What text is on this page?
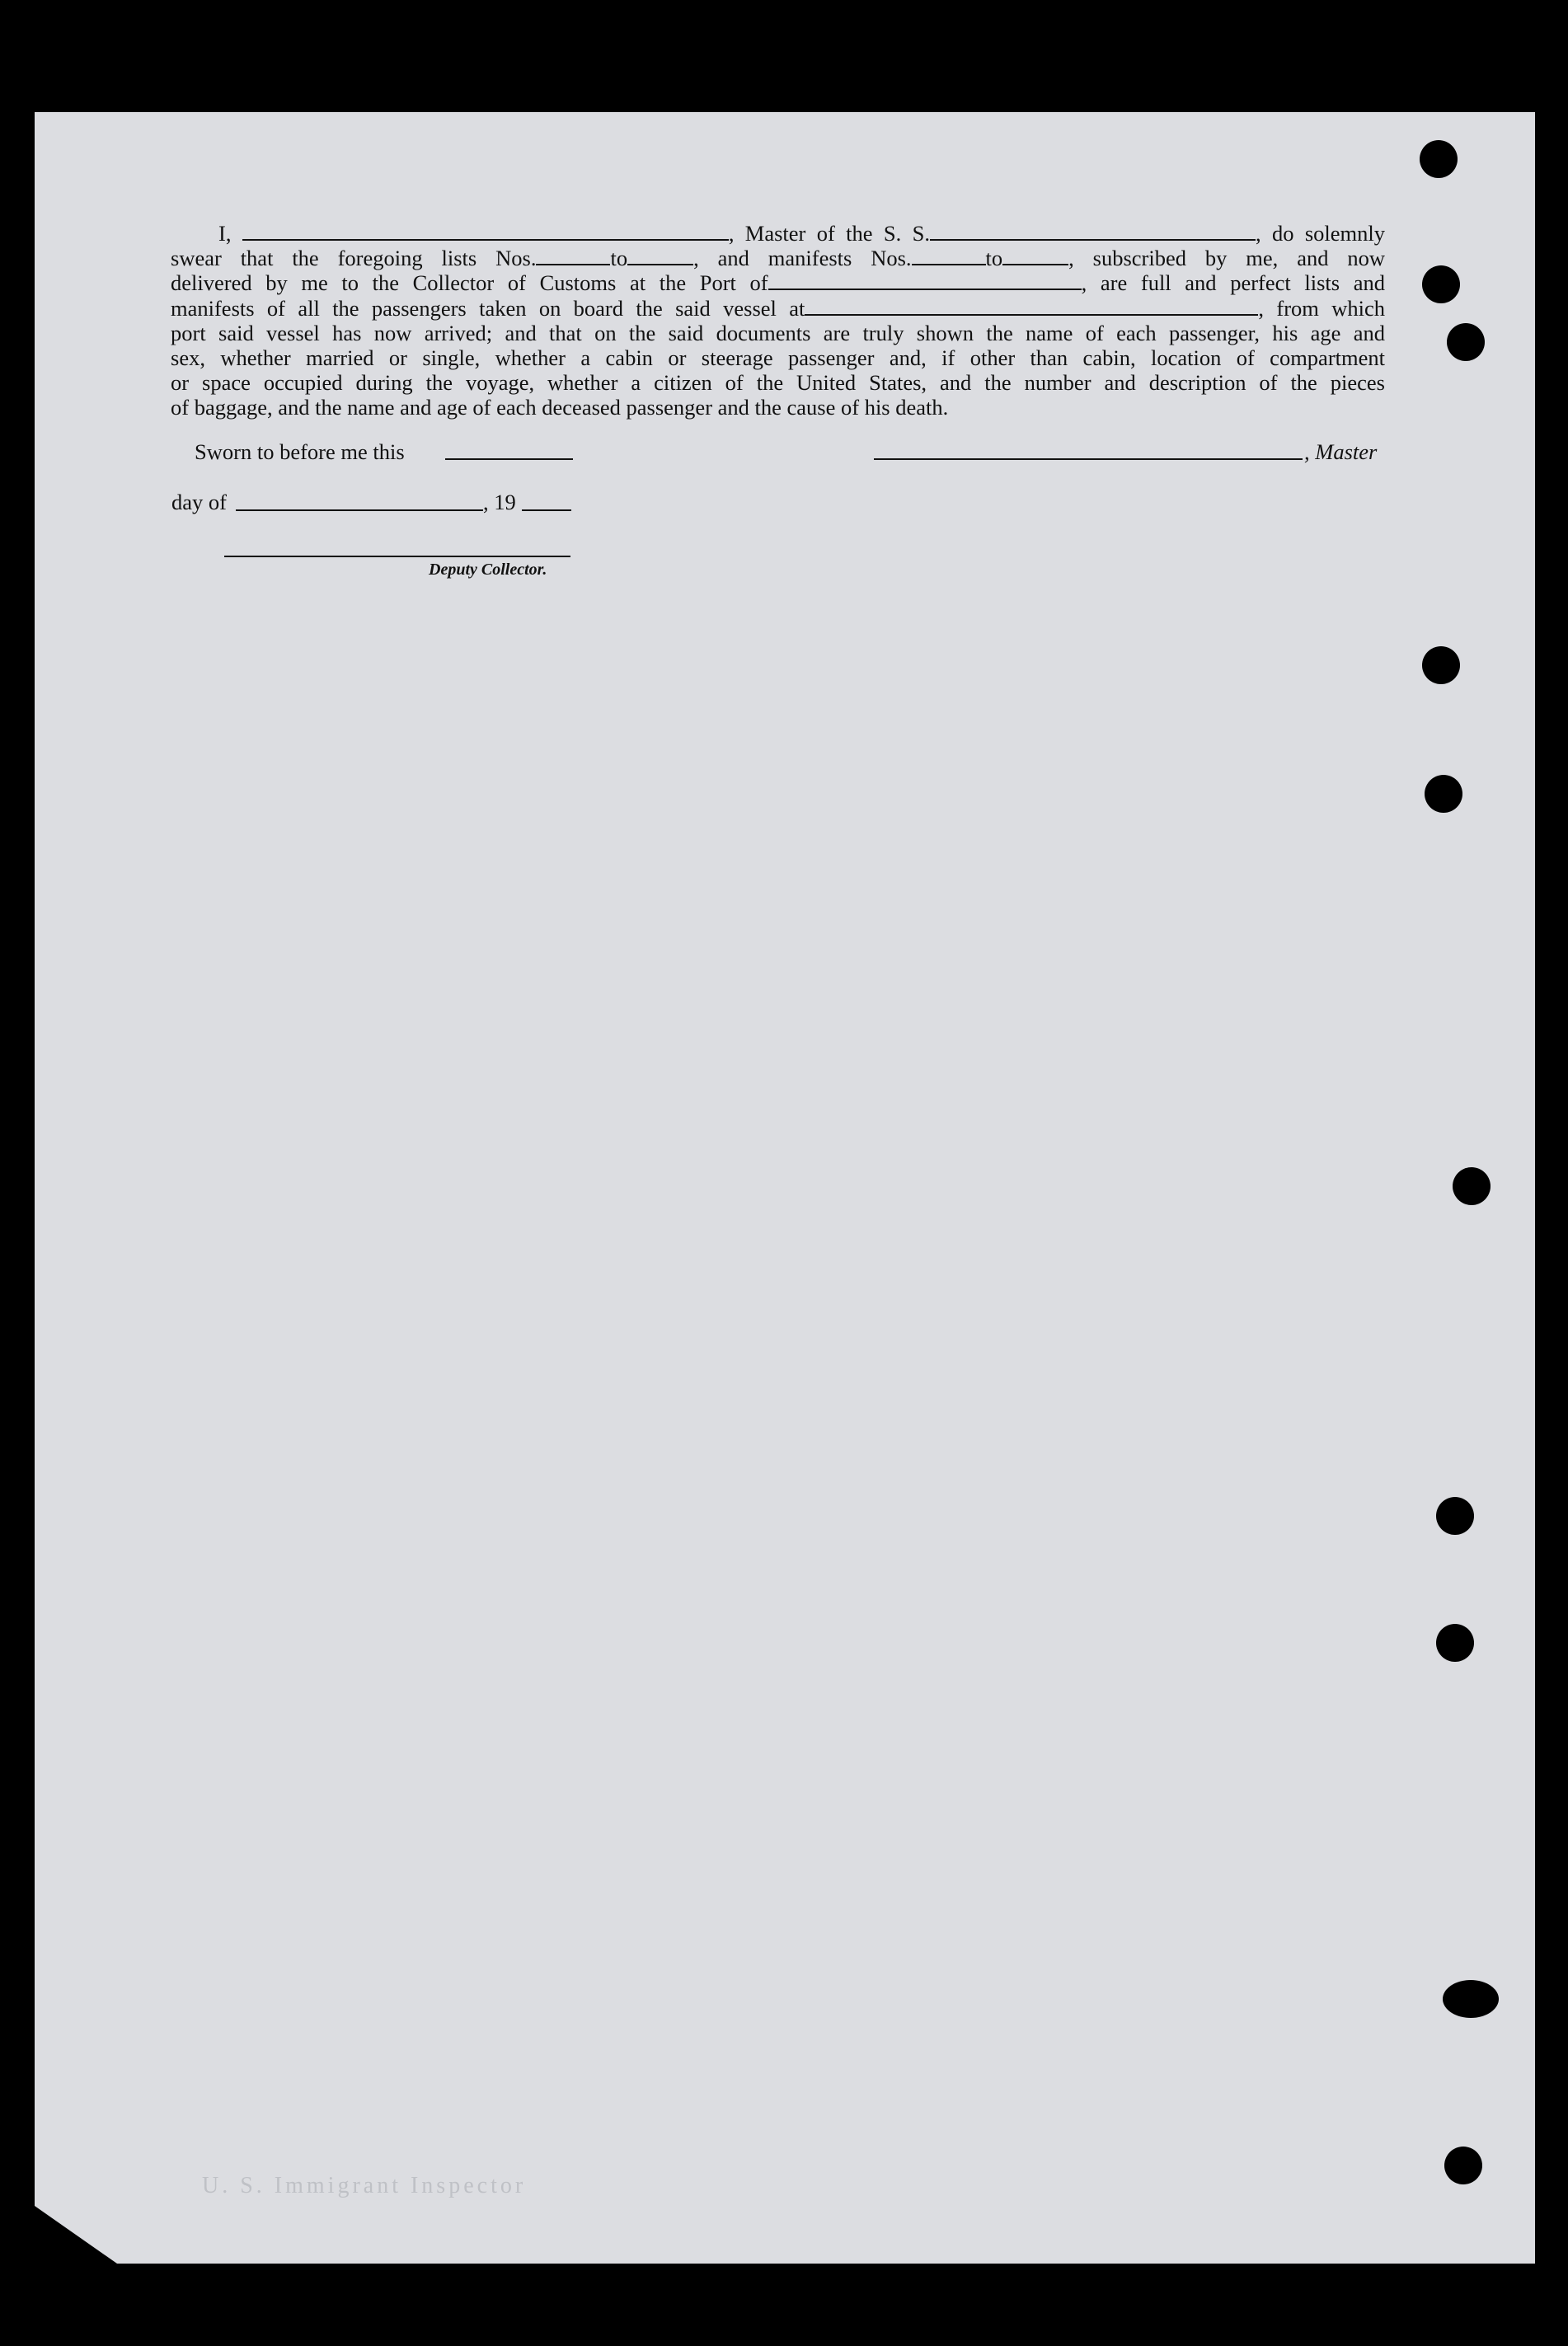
I,	, Master of the S. S.	, do solemnly
swear that the foregoing lists Nos.	to	, and manifests Nos.	to	, subscribed by me, and now
delivered by me to the Collector of Customs at the Port of	, are full and perfect lists and
manifests of all the passengers taken on board the said vessel at	, from which
port said vessel has now arrived; and that on the said documents are truly shown the name of each passenger, his age and
sex, whether married or single, whether a cabin or steerage passenger and, if other than cabin, location of compartment
or space occupied during the voyage, whether a citizen of the United States, and the number and description of the pieces
of baggage, and the name and age of each deceased passenger and the cause of his death.
Sworn to before me this	, Master
day of	, 19
Deputy Collector.
U. S. Immigrant Inspector
